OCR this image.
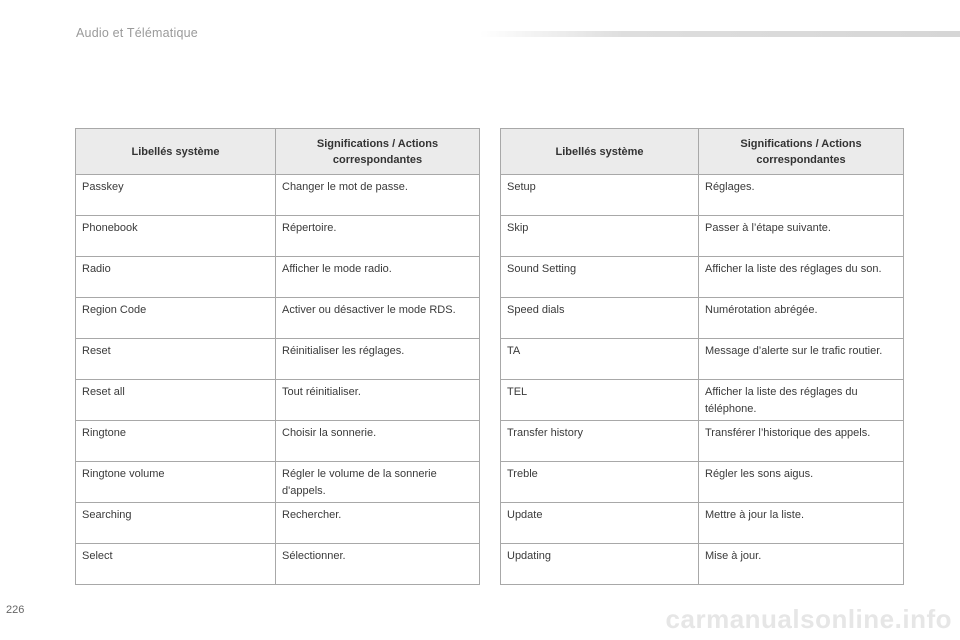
Audio et Télématique
Libellés système	Significations / Actions correspondantes
Passkey	Changer le mot de passe.
Phonebook	Répertoire.
Radio	Afficher le mode radio.
Region Code	Activer ou désactiver le mode RDS.
Reset	Réinitialiser les réglages.
Reset all	Tout réinitialiser.
Ringtone	Choisir la sonnerie.
Ringtone volume	Régler le volume de la sonnerie d'appels.
Searching	Rechercher.
Select	Sélectionner.
Libellés système	Significations / Actions correspondantes
Setup	Réglages.
Skip	Passer à l’étape suivante.
Sound Setting	Afficher la liste des réglages du son.
Speed dials	Numérotation abrégée.
TA	Message d’alerte sur le trafic routier.
TEL	Afficher la liste des réglages du téléphone.
Transfer history	Transférer l’historique des appels.
Treble	Régler les sons aigus.
Update	Mettre à jour la liste.
Updating	Mise à jour.
226	carmanualsonline.info
